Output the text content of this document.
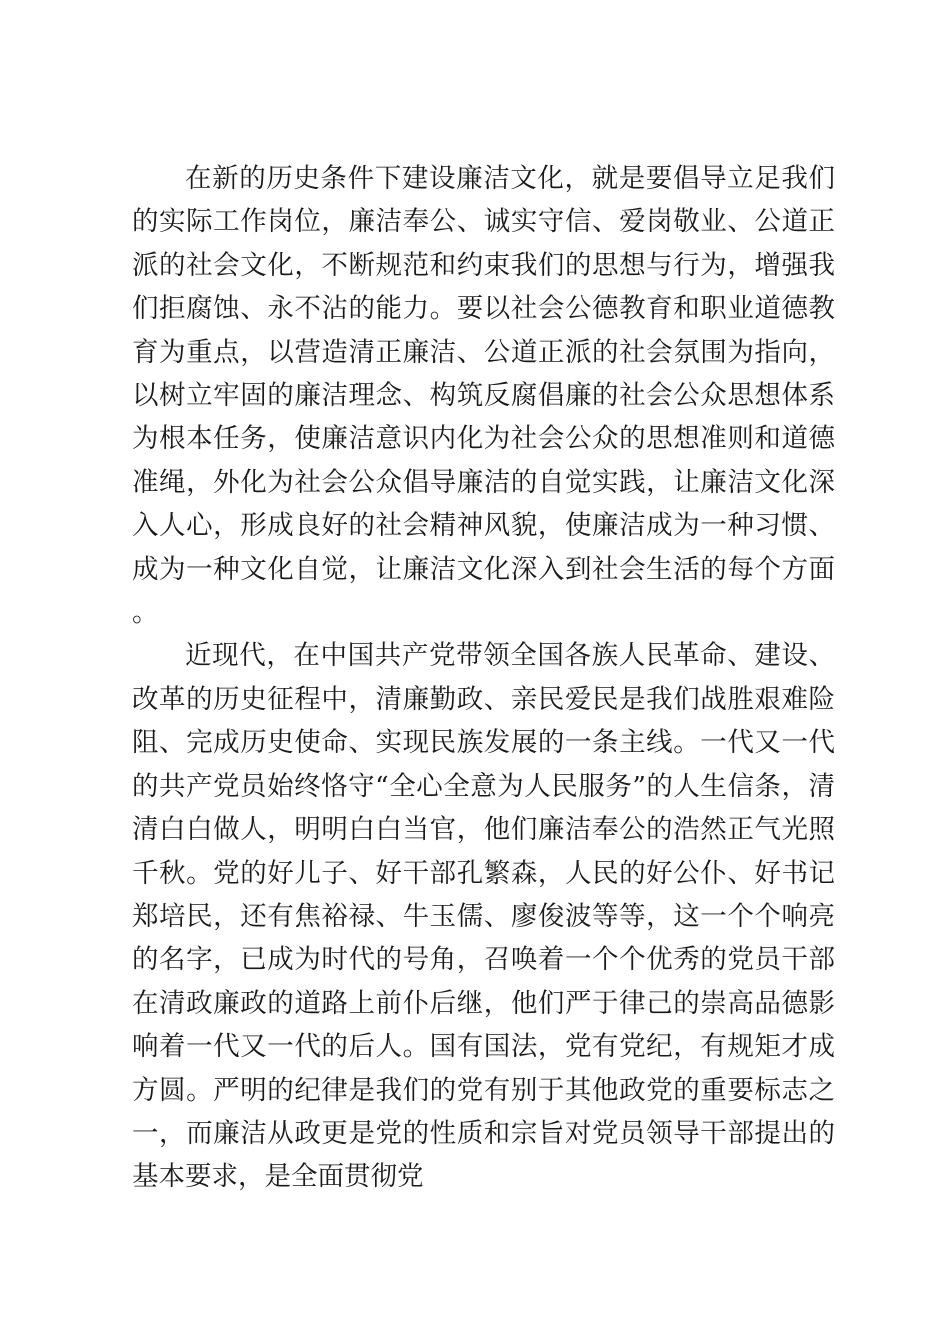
在新的历史条件下建设廉洁文化，就是要倡导立足我们的实际工作岗位，廉洁奉公、诚实守信、爱岗敬业、公道正派的社会文化，不断规范和约束我们的思想与行为，增强我们拒腐蚀、永不沾的能力。要以社会公德教育和职业道德教育为重点，以营造清正廉洁、公道正派的社会氛围为指向，以树立牢固的廉洁理念、构筑反腐倡廉的社会公众思想体系为根本任务，使廉洁意识内化为社会公众的思想准则和道德准绳，外化为社会公众倡导廉洁的自觉实践，让廉洁文化深入人心，形成良好的社会精神风貌，使廉洁成为一种习惯、成为一种文化自觉，让廉洁文化深入到社会生活的每个方面。

近现代，在中国共产党带领全国各族人民革命、建设、改革的历史征程中，清廉勤政、亲民爱民是我们战胜艰难险阻、完成历史使命、实现民族发展的一条主线。一代又一代的共产党员始终恪守“全心全意为人民服务”的人生信条，清清白白做人，明明白白当官，他们廉洁奉公的浩然正气光照千秋。党的好儿子、好干部孔繁森，人民的好公仆、好书记郑培民，还有焦裕禄、牛玉儒、廖俊波等等，这一个个响亮的名字，已成为时代的号角，召唤着一个个优秀的党员干部在清政廉政的道路上前仆后继，他们严于律己的崇高品德影响着一代又一代的后人。国有国法，党有党纪，有规矩才成方圆。严明的纪律是我们的党有别于其他政党的重要标志之一，而廉洁从政更是党的性质和宗旨对党员领导干部提出的基本要求，是全面贯彻党
